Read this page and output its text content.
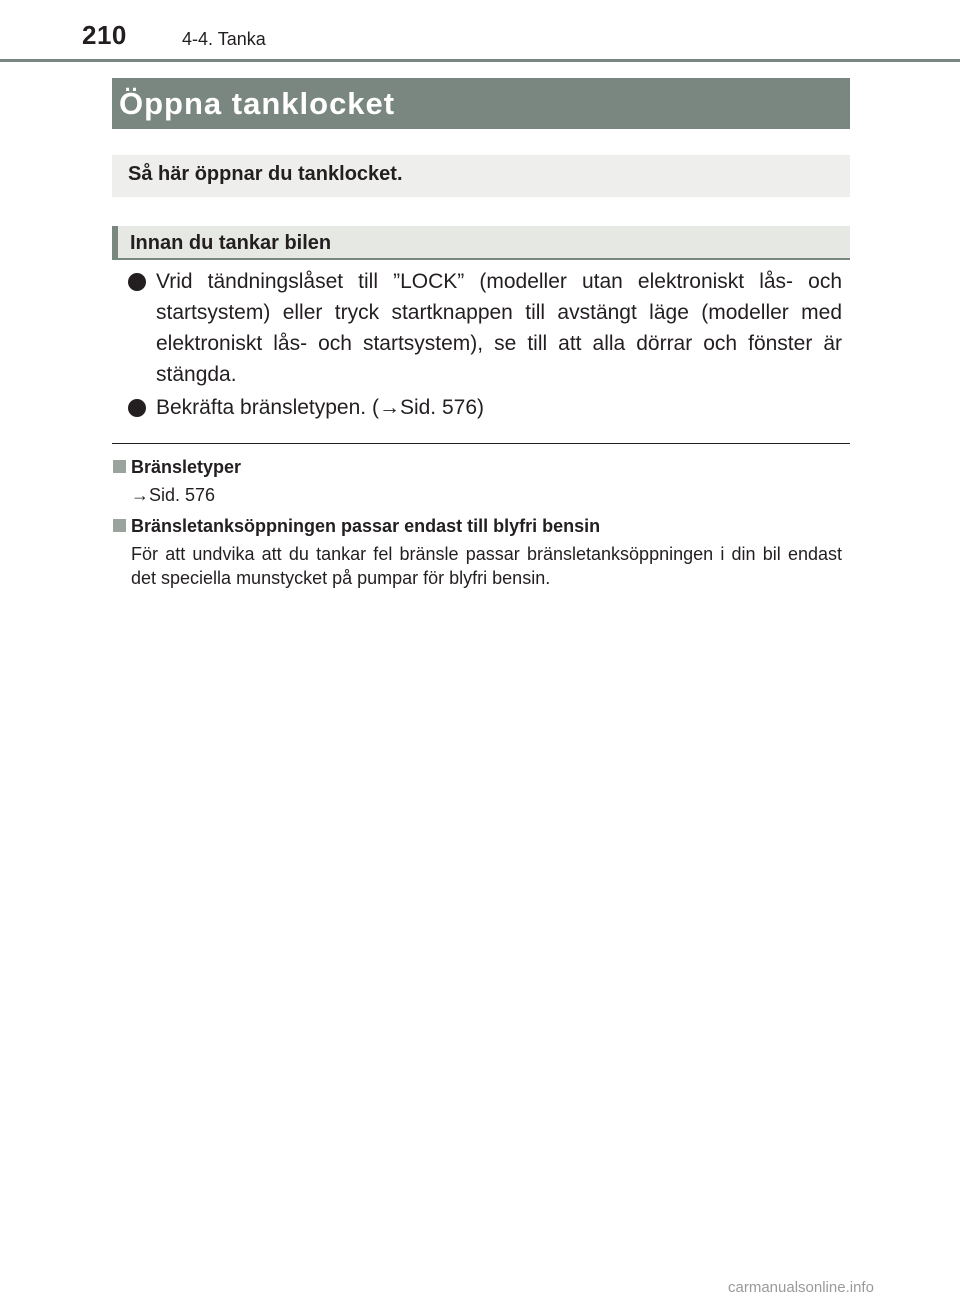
210	4-4. Tanka
Öppna tanklocket
Så här öppnar du tanklocket.
Innan du tankar bilen
Vrid tändningslåset till ”LOCK” (modeller utan elektroniskt lås- och startsystem) eller tryck startknappen till avstängt läge (modeller med elektroniskt lås- och startsystem), se till att alla dörrar och fönster är stängda.
Bekräfta bränsletypen. (→Sid. 576)
Bränsletyper
→Sid. 576
Bränsletanksöppningen passar endast till blyfri bensin
För att undvika att du tankar fel bränsle passar bränsletanksöppningen i din bil endast det speciella munstycket på pumpar för blyfri bensin.
carmanualsonline.info
